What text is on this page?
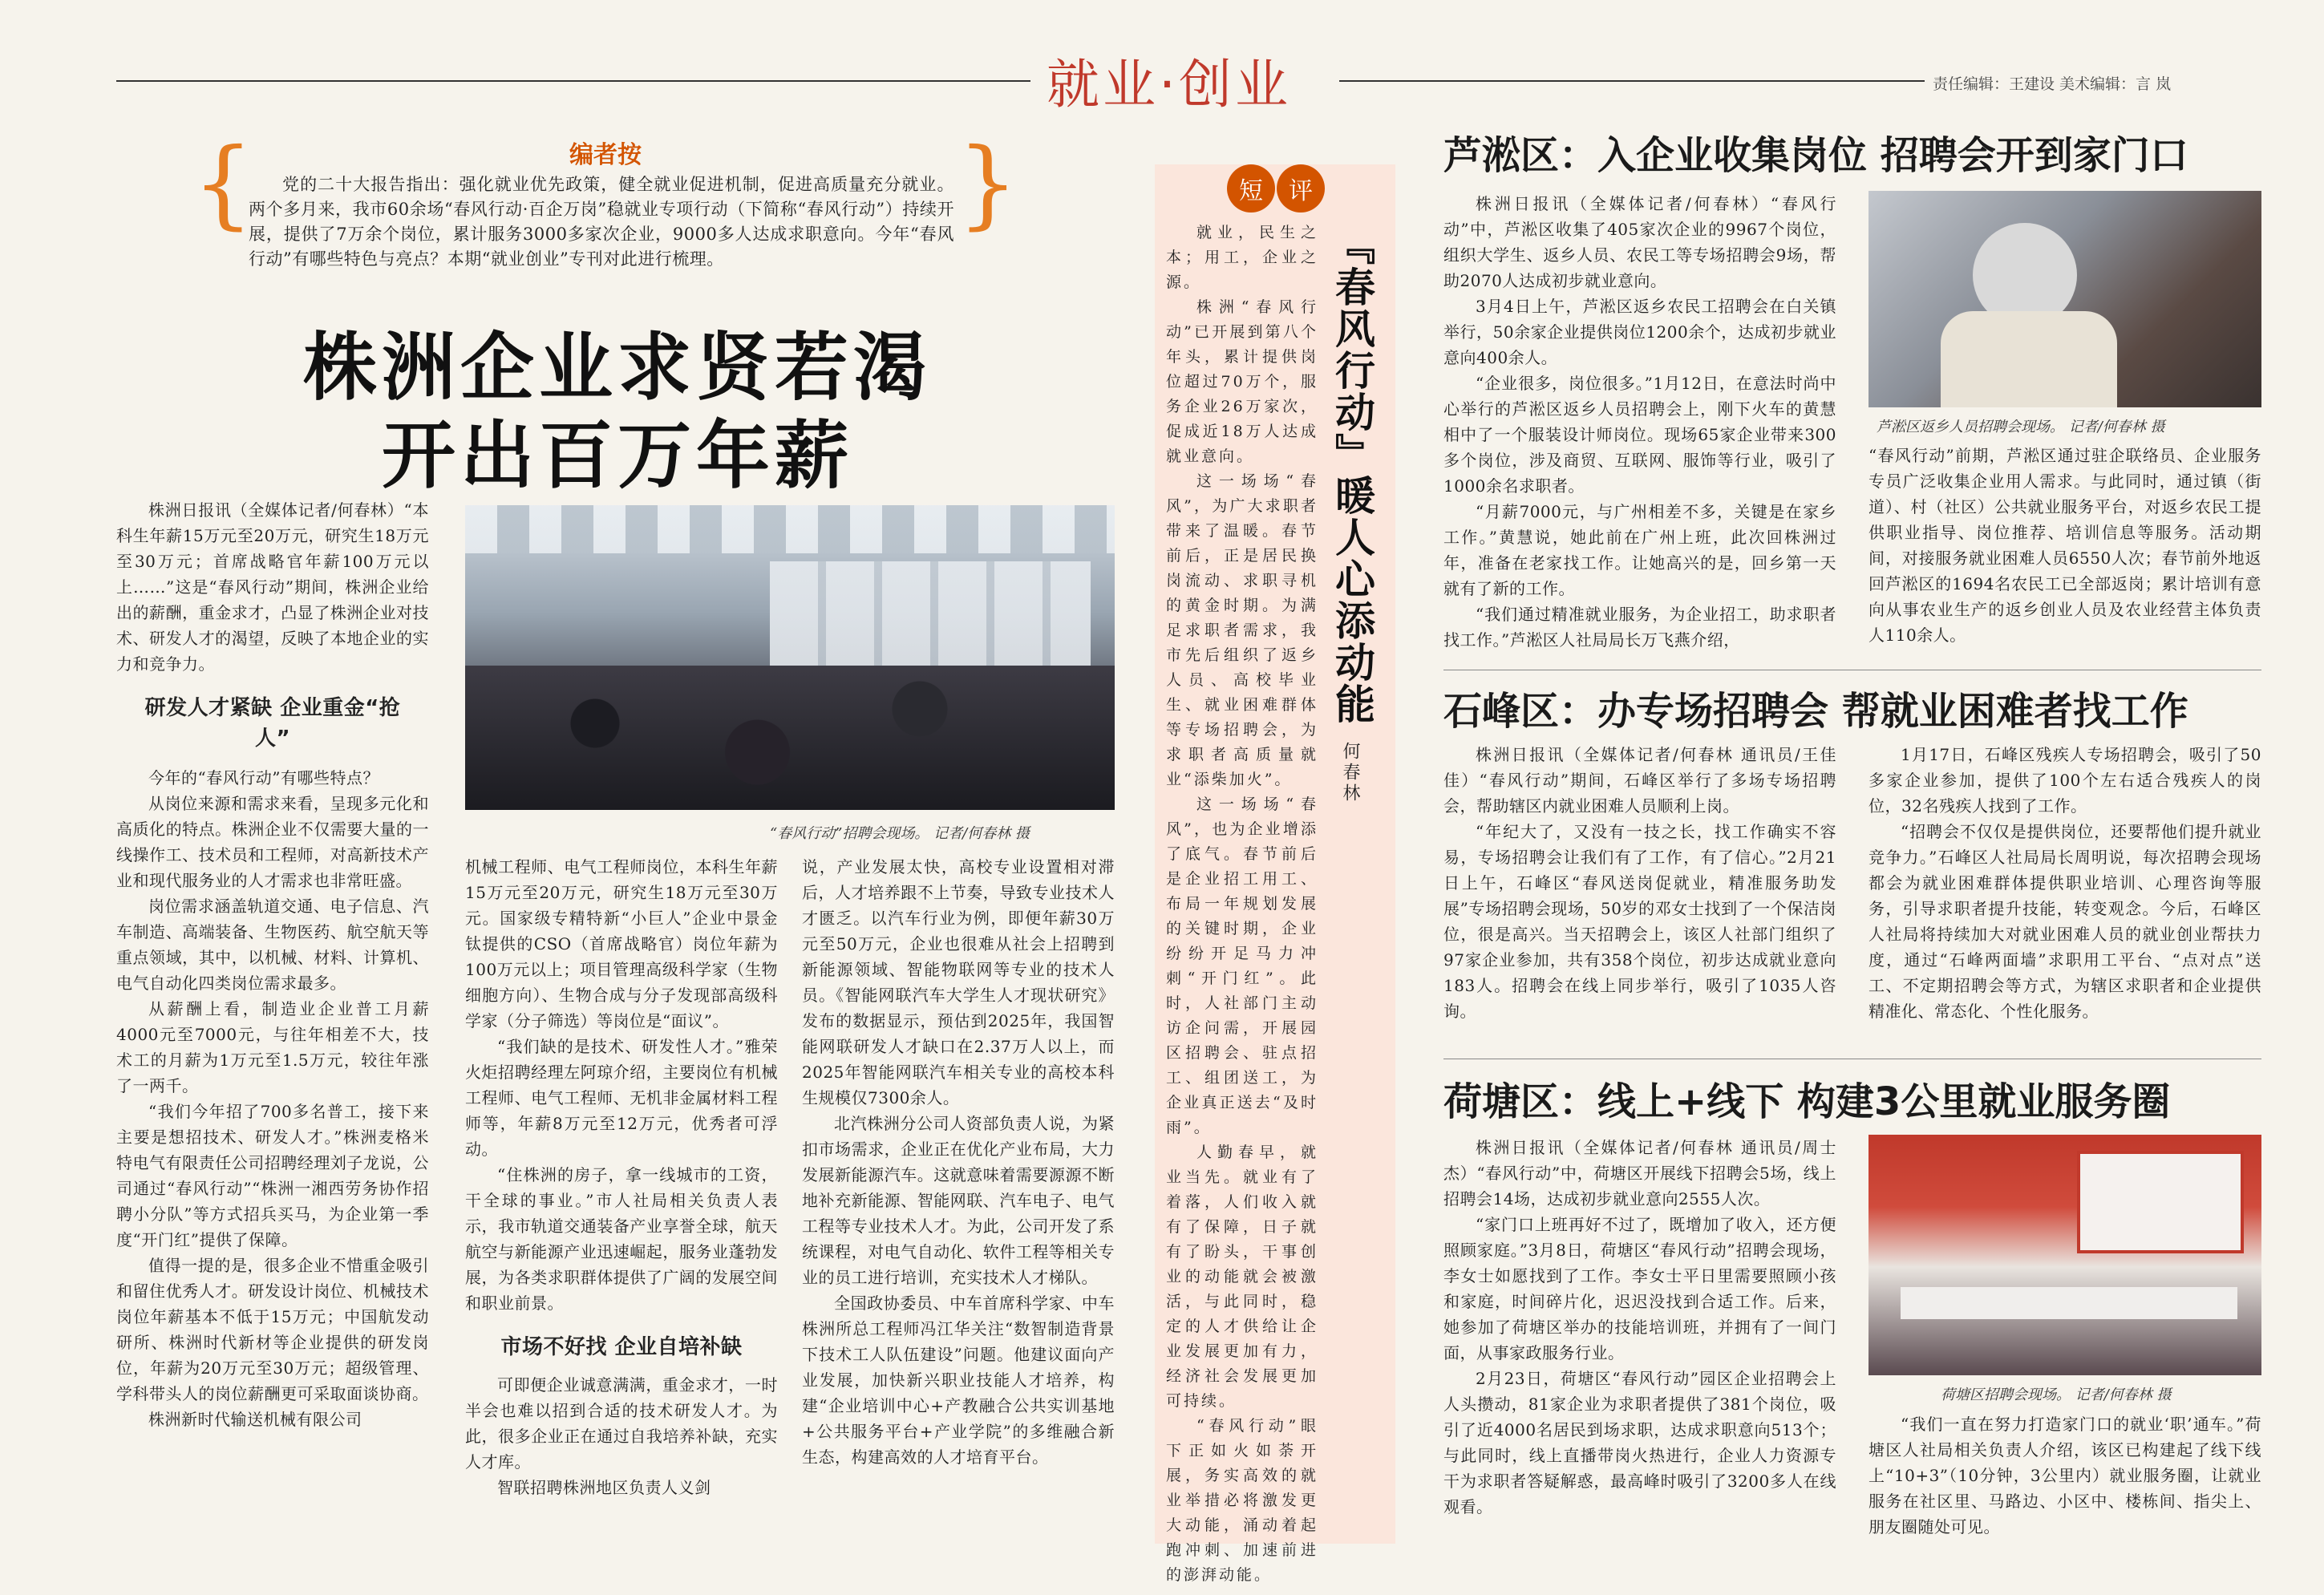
就业·创业	责任编辑：王建设 美术编辑：言 岚
{	}
编者按
党的二十大报告指出：强化就业优先政策，健全就业促进机制，促进高质量充分就业。两个多月来，我市60余场“春风行动·百企万岗”稳就业专项行动（下简称“春风行动”）持续开展，提供了7万余个岗位，累计服务3000多家次企业，9000多人达成求职意向。今年“春风行动”有哪些特色与亮点？本期“就业创业”专刊对此进行梳理。
株洲企业求贤若渴
开出百万年薪

株洲日报讯（全媒体记者/何春林）“本科生年薪15万元至20万元，研究生18万元至30万元；首席战略官年薪100万元以上……”这是“春风行动”期间，株洲企业给出的薪酬，重金求才，凸显了株洲企业对技术、研发人才的渴望，反映了本地企业的实力和竞争力。

研发人才紧缺 企业重金“抢人”

今年的“春风行动”有哪些特点？

从岗位来源和需求来看，呈现多元化和高质化的特点。株洲企业不仅需要大量的一线操作工、技术员和工程师，对高新技术产业和现代服务业的人才需求也非常旺盛。

岗位需求涵盖轨道交通、电子信息、汽车制造、高端装备、生物医药、航空航天等重点领域，其中，以机械、材料、计算机、电气自动化四类岗位需求最多。

从薪酬上看，制造业企业普工月薪4000元至7000元，与往年相差不大，技术工的月薪为1万元至1.5万元，较往年涨了一两千。

“我们今年招了700多名普工，接下来主要是想招技术、研发人才。”株洲麦格米特电气有限责任公司招聘经理刘子龙说，公司通过“春风行动”“株洲一湘西劳务协作招聘小分队”等方式招兵买马，为企业第一季度“开门红”提供了保障。

值得一提的是，很多企业不惜重金吸引和留住优秀人才。研发设计岗位、机械技术岗位年薪基本不低于15万元；中国航发动研所、株洲时代新材等企业提供的研发岗位，年薪为20万元至30万元；超级管理、学科带头人的岗位薪酬更可采取面谈协商。

株洲新时代输送机械有限公司

“春风行动”招聘会现场。 记者/何春林 摄

机械工程师、电气工程师岗位，本科生年薪15万元至20万元，研究生18万元至30万元。国家级专精特新“小巨人”企业中景金钛提供的CSO（首席战略官）岗位年薪为100万元以上；项目管理高级科学家（生物细胞方向）、生物合成与分子发现部高级科学家（分子筛选）等岗位是“面议”。

“我们缺的是技术、研发性人才。”雅荣火炬招聘经理左阿琼介绍，主要岗位有机械工程师、电气工程师、无机非金属材料工程师等，年薪8万元至12万元，优秀者可浮动。

“住株洲的房子，拿一线城市的工资，干全球的事业。”市人社局相关负责人表示，我市轨道交通装备产业享誉全球，航天航空与新能源产业迅速崛起，服务业蓬勃发展，为各类求职群体提供了广阔的发展空间和职业前景。

市场不好找 企业自培补缺

可即便企业诚意满满，重金求才，一时半会也难以招到合适的技术研发人才。为此，很多企业正在通过自我培养补缺，充实人才库。

智联招聘株洲地区负责人义剑

说，产业发展太快，高校专业设置相对滞后，人才培养跟不上节奏，导致专业技术人才匮乏。以汽车行业为例，即便年薪30万元至50万元，企业也很难从社会上招聘到新能源领域、智能物联网等专业的技术人员。《智能网联汽车大学生人才现状研究》发布的数据显示，预估到2025年，我国智能网联研发人才缺口在2.37万人以上，而2025年智能网联汽车相关专业的高校本科生规模仅7300余人。

北汽株洲分公司人资部负责人说，为紧扣市场需求，企业正在优化产业布局，大力发展新能源汽车。这就意味着需要源源不断地补充新能源、智能网联、汽车电子、电气工程等专业技术人才。为此，公司开发了系统课程，对电气自动化、软件工程等相关专业的员工进行培训，充实技术人才梯队。

全国政协委员、中车首席科学家、中车株洲所总工程师冯江华关注“数智制造背景下技术工人队伍建设”问题。他建议面向产业发展，加快新兴职业技能人才培养，构建“企业培训中心+产教融合公共实训基地+公共服务平台+产业学院”的多维融合新生态，构建高效的人才培育平台。

短	评
『春风行动』暖人心添动能
何春林

就业，民生之本；用工，企业之源。

株洲“春风行动”已开展到第八个年头，累计提供岗位超过70万个，服务企业26万家次，促成近18万人达成就业意向。

这一场场“春风”，为广大求职者带来了温暖。春节前后，正是居民换岗流动、求职寻机的黄金时期。为满足求职者需求，我市先后组织了返乡人员、高校毕业生、就业困难群体等专场招聘会，为求职者高质量就业“添柴加火”。

这一场场“春风”，也为企业增添了底气。春节前后是企业招工用工、布局一年规划发展的关键时期，企业纷纷开足马力冲刺“开门红”。此时，人社部门主动访企问需，开展园区招聘会、驻点招工、组团送工，为企业真正送去“及时雨”。

人勤春早，就业当先。就业有了着落，人们收入就有了保障，日子就有了盼头，干事创业的动能就会被激活，与此同时，稳定的人才供给让企业发展更加有力，经济社会发展更加可持续。

“春风行动”眼下正如火如荼开展，务实高效的就业举措必将激发更大动能，涌动着起跑冲刺、加速前进的澎湃动能。

芦淞区：入企业收集岗位 招聘会开到家门口

株洲日报讯（全媒体记者/何春林）“春风行动”中，芦淞区收集了405家次企业的9967个岗位，组织大学生、返乡人员、农民工等专场招聘会9场，帮助2070人达成初步就业意向。

3月4日上午，芦淞区返乡农民工招聘会在白关镇举行，50余家企业提供岗位1200余个，达成初步就业意向400余人。

“企业很多，岗位很多。”1月12日，在意法时尚中心举行的芦淞区返乡人员招聘会上，刚下火车的黄慧相中了一个服装设计师岗位。现场65家企业带来300多个岗位，涉及商贸、互联网、服饰等行业，吸引了1000余名求职者。

“月薪7000元，与广州相差不多，关键是在家乡工作。”黄慧说，她此前在广州上班，此次回株洲过年，准备在老家找工作。让她高兴的是，回乡第一天就有了新的工作。

“我们通过精准就业服务，为企业招工，助求职者找工作。”芦淞区人社局局长万飞燕介绍，

芦淞区返乡人员招聘会现场。 记者/何春林 摄

“春风行动”前期，芦淞区通过驻企联络员、企业服务专员广泛收集企业用人需求。与此同时，通过镇（街道）、村（社区）公共就业服务平台，对返乡农民工提供职业指导、岗位推荐、培训信息等服务。活动期间，对接服务就业困难人员6550人次；春节前外地返回芦淞区的1694名农民工已全部返岗；累计培训有意向从事农业生产的返乡创业人员及农业经营主体负责人110余人。

石峰区：办专场招聘会 帮就业困难者找工作

株洲日报讯（全媒体记者/何春林 通讯员/王佳佳）“春风行动”期间，石峰区举行了多场专场招聘会，帮助辖区内就业困难人员顺利上岗。

“年纪大了，又没有一技之长，找工作确实不容易，专场招聘会让我们有了工作，有了信心。”2月21日上午，石峰区“春风送岗促就业，精准服务助发展”专场招聘会现场，50岁的邓女士找到了一个保洁岗位，很是高兴。当天招聘会上，该区人社部门组织了97家企业参加，共有358个岗位，初步达成就业意向183人。招聘会在线上同步举行，吸引了1035人咨询。

1月17日，石峰区残疾人专场招聘会，吸引了50多家企业参加，提供了100个左右适合残疾人的岗位，32名残疾人找到了工作。

“招聘会不仅仅是提供岗位，还要帮他们提升就业竞争力。”石峰区人社局局长周明说，每次招聘会现场都会为就业困难群体提供职业培训、心理咨询等服务，引导求职者提升技能，转变观念。今后，石峰区人社局将持续加大对就业困难人员的就业创业帮扶力度，通过“石峰两面墙”求职用工平台、“点对点”送工、不定期招聘会等方式，为辖区求职者和企业提供精准化、常态化、个性化服务。

荷塘区：线上+线下 构建3公里就业服务圈

株洲日报讯（全媒体记者/何春林 通讯员/周士杰）“春风行动”中，荷塘区开展线下招聘会5场，线上招聘会14场，达成初步就业意向2555人次。

“家门口上班再好不过了，既增加了收入，还方便照顾家庭。”3月8日，荷塘区“春风行动”招聘会现场，李女士如愿找到了工作。李女士平日里需要照顾小孩和家庭，时间碎片化，迟迟没找到合适工作。后来，她参加了荷塘区举办的技能培训班，并拥有了一间门面，从事家政服务行业。

2月23日，荷塘区“春风行动”园区企业招聘会上人头攒动，81家企业为求职者提供了381个岗位，吸引了近4000名居民到场求职，达成求职意向513个；与此同时，线上直播带岗火热进行，企业人力资源专干为求职者答疑解惑，最高峰时吸引了3200多人在线观看。

荷塘区招聘会现场。 记者/何春林 摄

“我们一直在努力打造家门口的就业‘职’通车。”荷塘区人社局相关负责人介绍，该区已构建起了线下线上“10+3”（10分钟，3公里内）就业服务圈，让就业服务在社区里、马路边、小区中、楼栋间、指尖上、朋友圈随处可见。
